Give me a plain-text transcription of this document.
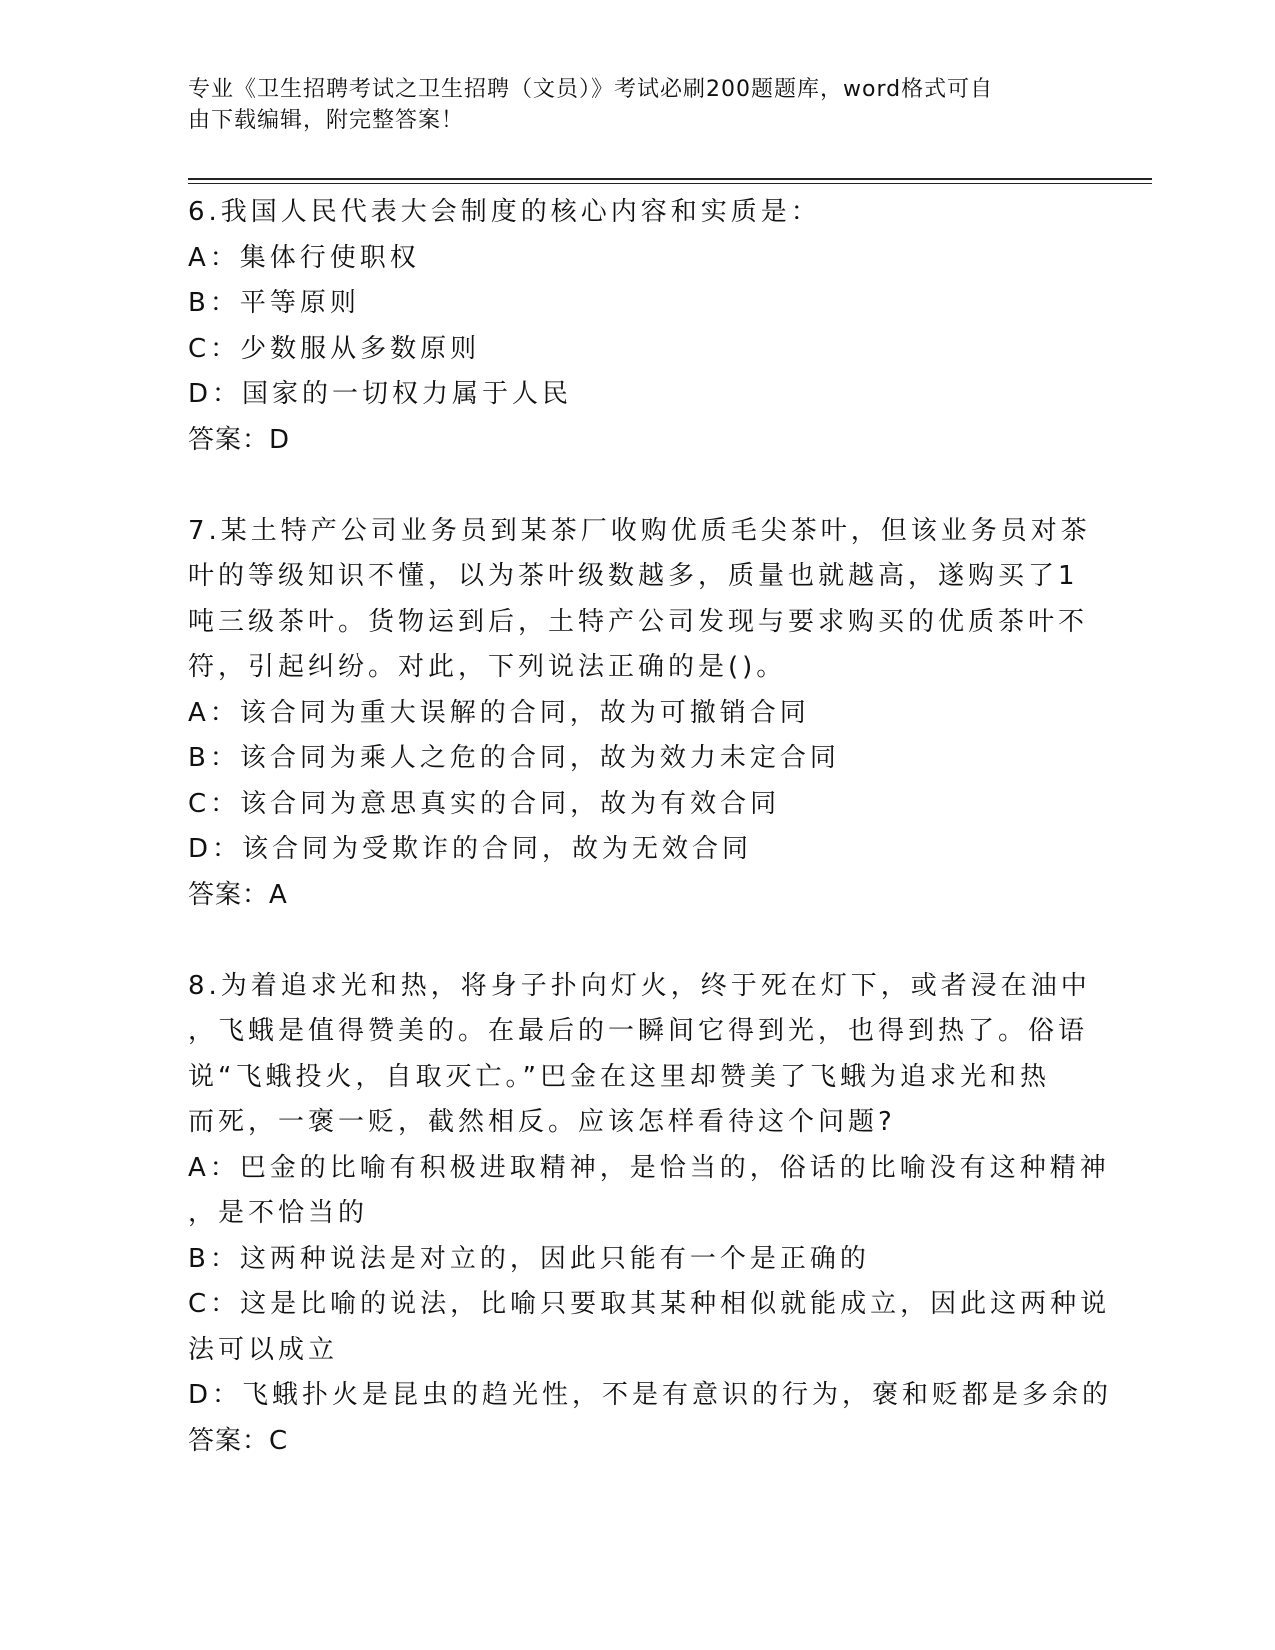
专业《卫生招聘考试之卫生招聘（文员）》考试必刷200题题库，word格式可自
由下载编辑，附完整答案！
6.我国人民代表大会制度的核心内容和实质是：
A：集体行使职权
B：平等原则
C：少数服从多数原则
D：国家的一切权力属于人民
答案：D
7.某土特产公司业务员到某茶厂收购优质毛尖茶叶，但该业务员对茶
叶的等级知识不懂，以为茶叶级数越多，质量也就越高，遂购买了1
吨三级茶叶。货物运到后，土特产公司发现与要求购买的优质茶叶不
符，引起纠纷。对此，下列说法正确的是()。
A：该合同为重大误解的合同，故为可撤销合同
B：该合同为乘人之危的合同，故为效力未定合同
C：该合同为意思真实的合同，故为有效合同
D：该合同为受欺诈的合同，故为无效合同
答案：A
8.为着追求光和热，将身子扑向灯火，终于死在灯下，或者浸在油中
，飞蛾是值得赞美的。在最后的一瞬间它得到光，也得到热了。俗语
说“飞蛾投火，自取灭亡。”巴金在这里却赞美了飞蛾为追求光和热
而死，一褒一贬，截然相反。应该怎样看待这个问题?
A：巴金的比喻有积极进取精神，是恰当的，俗话的比喻没有这种精神
，是不恰当的
B：这两种说法是对立的，因此只能有一个是正确的
C：这是比喻的说法，比喻只要取其某种相似就能成立，因此这两种说
法可以成立
D：飞蛾扑火是昆虫的趋光性，不是有意识的行为，褒和贬都是多余的
答案：C
